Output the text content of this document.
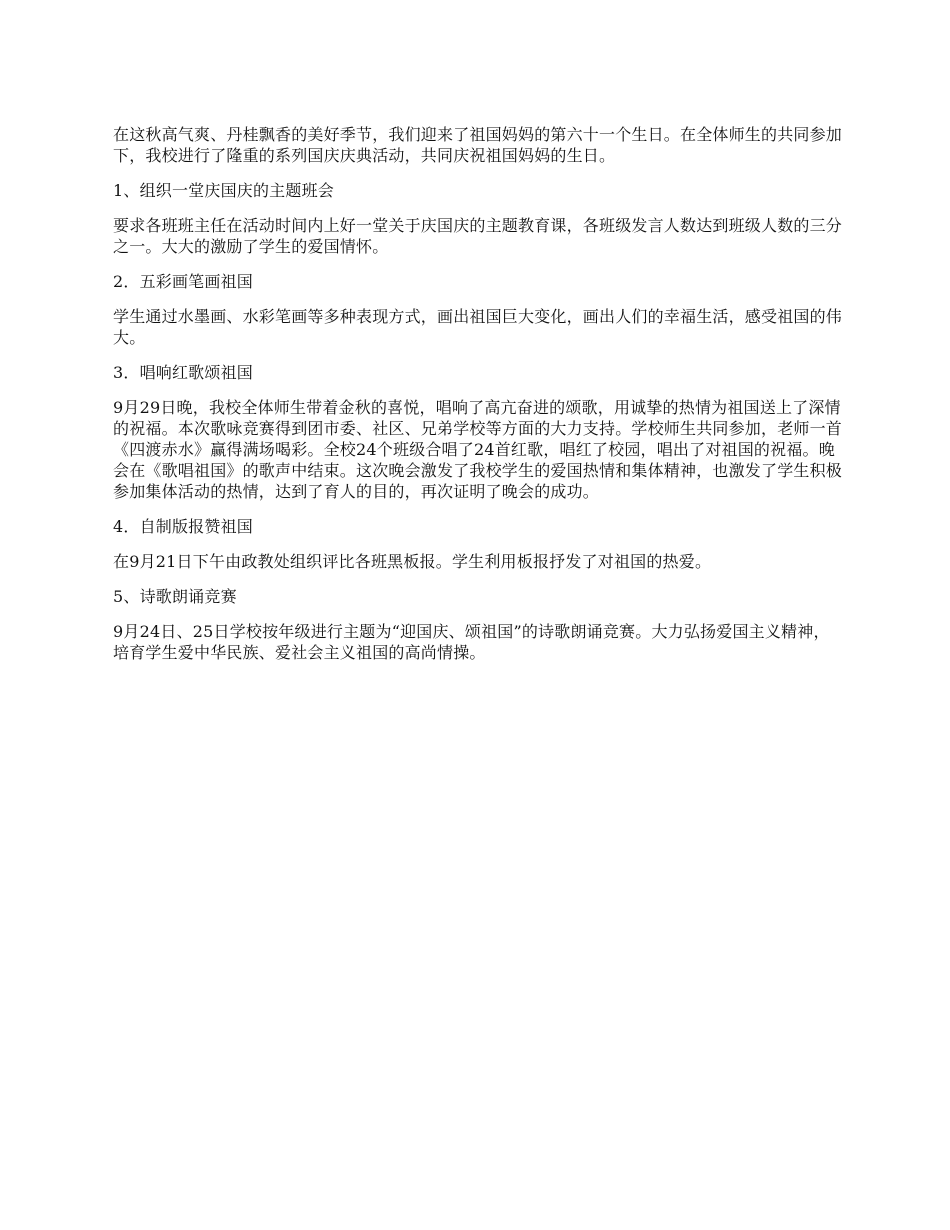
在这秋高气爽、丹桂飘香的美好季节，我们迎来了祖国妈妈的第六十一个生日。在全体师生的共同参加下，我校进行了隆重的系列国庆庆典活动，共同庆祝祖国妈妈的生日。

1、组织一堂庆国庆的主题班会

要求各班班主任在活动时间内上好一堂关于庆国庆的主题教育课，各班级发言人数达到班级人数的三分之一。大大的激励了学生的爱国情怀。

2．五彩画笔画祖国

学生通过水墨画、水彩笔画等多种表现方式，画出祖国巨大变化，画出人们的幸福生活，感受祖国的伟大。

3．唱响红歌颂祖国

9月29日晚，我校全体师生带着金秋的喜悦，唱响了高亢奋进的颂歌，用诚挚的热情为祖国送上了深情的祝福。本次歌咏竞赛得到团市委、社区、兄弟学校等方面的大力支持。学校师生共同参加，老师一首《四渡赤水》赢得满场喝彩。全校24个班级合唱了24首红歌，唱红了校园，唱出了对祖国的祝福。晚会在《歌唱祖国》的歌声中结束。这次晚会激发了我校学生的爱国热情和集体精神，也激发了学生积极参加集体活动的热情，达到了育人的目的，再次证明了晚会的成功。

4．自制版报赞祖国

在9月21日下午由政教处组织评比各班黑板报。学生利用板报抒发了对祖国的热爱。

5、诗歌朗诵竞赛

9月24日、25日学校按年级进行主题为“迎国庆、颂祖国”的诗歌朗诵竞赛。大力弘扬爱国主义精神，培育学生爱中华民族、爱社会主义祖国的高尚情操。
